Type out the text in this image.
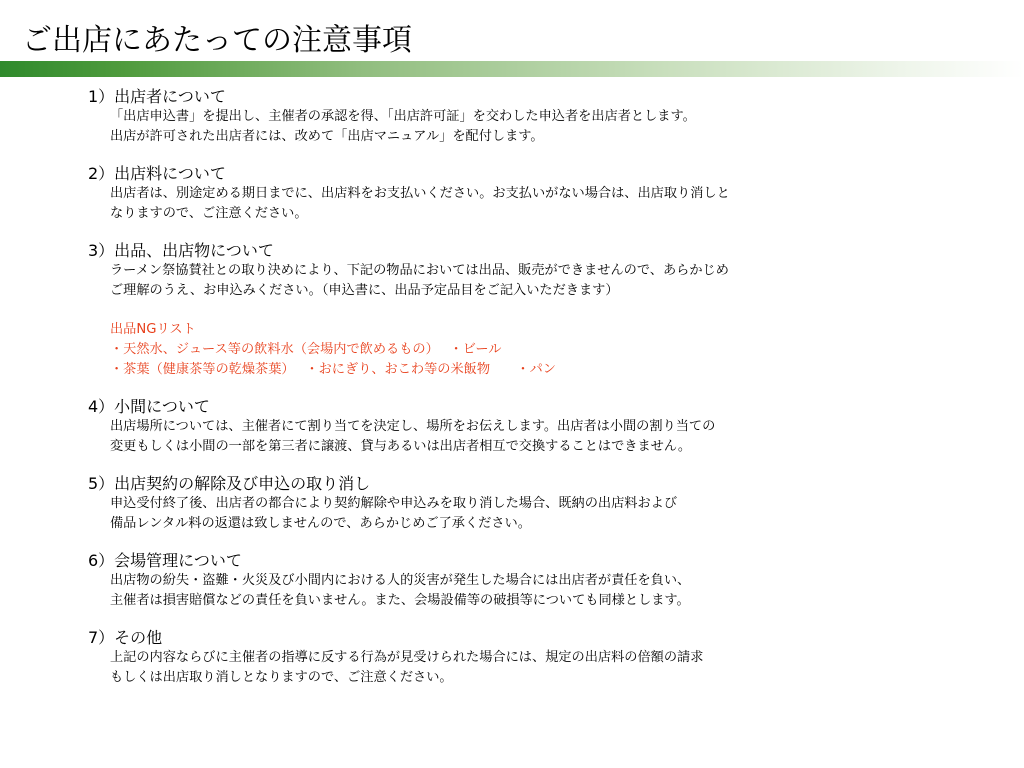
ご出店にあたっての注意事項
1）出店者について
「出店申込書」を提出し、主催者の承認を得、「出店許可証」を交わした申込者を出店者とします。
出店が許可された出店者には、改めて「出店マニュアル」を配付します。
2）出店料について
出店者は、別途定める期日までに、出店料をお支払いください。お支払いがない場合は、出店取り消しと
なりますので、ご注意ください。
3）出品、出店物について
ラーメン祭協賛社との取り決めにより、下記の物品においては出品、販売ができませんので、あらかじめ
ご理解のうえ、お申込みください。（申込書に、出品予定品目をご記入いただきます）
出品NGリスト
・天然水、ジュース等の飲料水（会場内で飲めるもの）　 ・ビール
・茶葉（健康茶等の乾燥茶葉）　 ・おにぎり、おこわ等の米飯物　　・パン
4）小間について
出店場所については、主催者にて割り当てを決定し、場所をお伝えします。出店者は小間の割り当ての
変更もしくは小間の一部を第三者に譲渡、貸与あるいは出店者相互で交換することはできません。
5）出店契約の解除及び申込の取り消し
申込受付終了後、出店者の都合により契約解除や申込みを取り消した場合、既納の出店料および
備品レンタル料の返還は致しませんので、あらかじめご了承ください。
6）会場管理について
出店物の紛失・盗難・火災及び小間内における人的災害が発生した場合には出店者が責任を負い、
主催者は損害賠償などの責任を負いません。また、会場設備等の破損等についても同様とします。
7）その他
上記の内容ならびに主催者の指導に反する行為が見受けられた場合には、規定の出店料の倍額の請求
もしくは出店取り消しとなりますので、ご注意ください。
